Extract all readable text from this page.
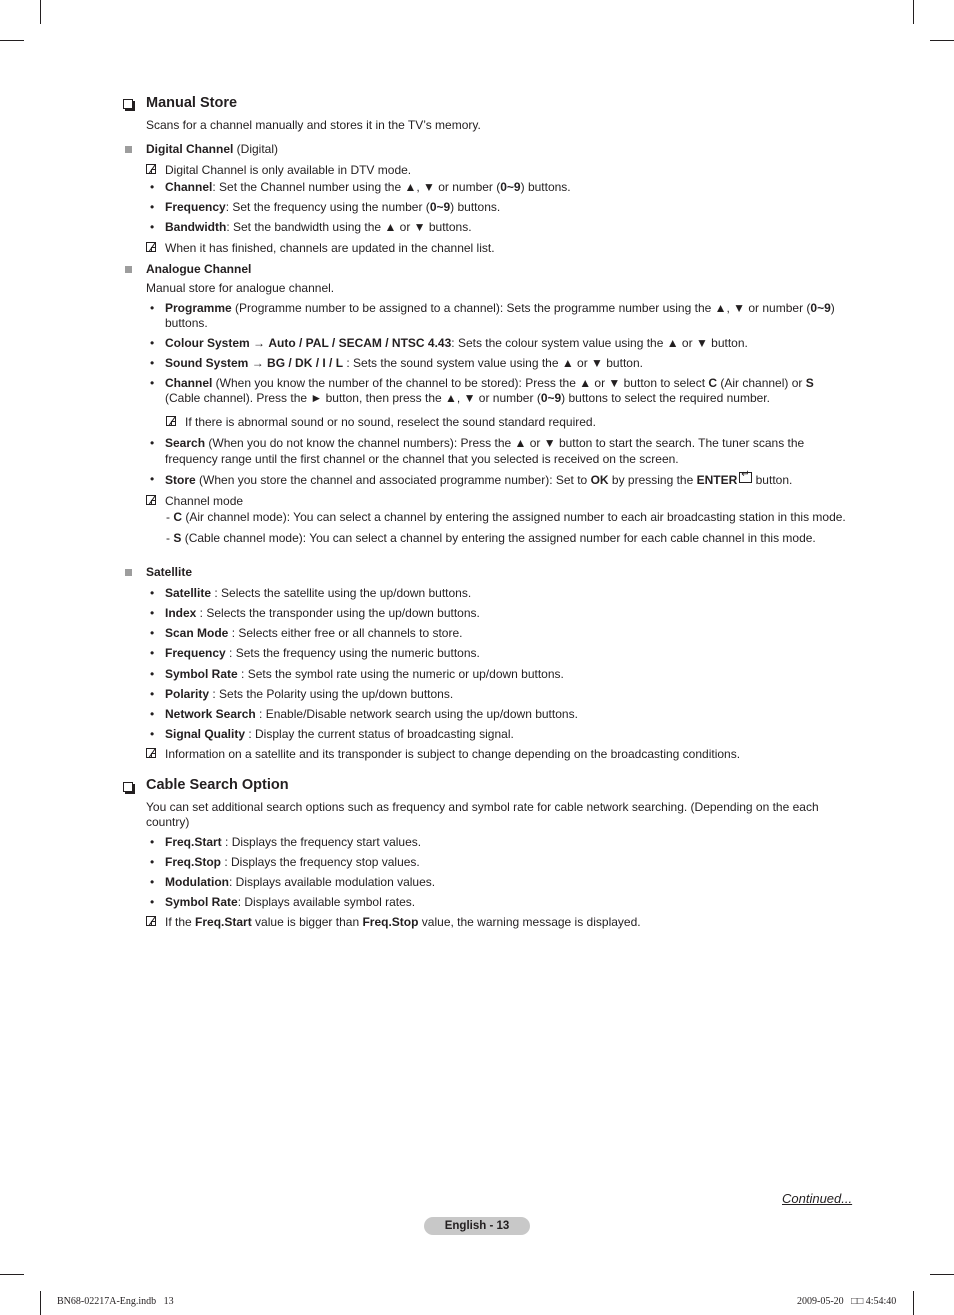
Manual Store
Scans for a channel manually and stores it in the TV’s memory.
Digital Channel (Digital)
Digital Channel is only available in DTV mode.
• Channel: Set the Channel number using the ▲, ▼ or number (0~9) buttons.
• Frequency: Set the frequency using the number (0~9) buttons.
• Bandwidth: Set the bandwidth using the ▲ or ▼ buttons.
When it has finished, channels are updated in the channel list.
Analogue Channel
Manual store for analogue channel.
• Programme (Programme number to be assigned to a channel): Sets the programme number using the ▲, ▼ or number (0~9)
buttons.
• Colour System → Auto / PAL / SECAM / NTSC 4.43: Sets the colour system value using the ▲ or ▼ button.
• Sound System → BG / DK / I / L : Sets the sound system value using the ▲ or ▼ button.
• Channel (When you know the number of the channel to be stored): Press the ▲ or ▼ button to select C (Air channel) or S
(Cable channel). Press the ► button, then press the ▲, ▼ or number (0~9) buttons to select the required number.
If there is abnormal sound or no sound, reselect the sound standard required.
• Search (When you do not know the channel numbers): Press the ▲ or ▼ button to start the search. The tuner scans the
frequency range until the first channel or the channel that you selected is received on the screen.
• Store (When you store the channel and associated programme number): Set to OK by pressing the ENTER↵ button.
Channel mode
- C (Air channel mode): You can select a channel by entering the assigned number to each air broadcasting station in this mode.
- S (Cable channel mode): You can select a channel by entering the assigned number for each cable channel in this mode.
Satellite
• Satellite : Selects the satellite using the up/down buttons.
• Index : Selects the transponder using the up/down buttons.
• Scan Mode : Selects either free or all channels to store.
• Frequency : Sets the frequency using the numeric buttons.
• Symbol Rate : Sets the symbol rate using the numeric or up/down buttons.
• Polarity : Sets the Polarity using the up/down buttons.
• Network Search : Enable/Disable network search using the up/down buttons.
• Signal Quality : Display the current status of broadcasting signal.
Information on a satellite and its transponder is subject to change depending on the broadcasting conditions.
Cable Search Option
You can set additional search options such as frequency and symbol rate for cable network searching. (Depending on the each
country)
• Freq.Start : Displays the frequency start values.
• Freq.Stop : Displays the frequency stop values.
• Modulation: Displays available modulation values.
• Symbol Rate: Displays available symbol rates.
If the Freq.Start value is bigger than Freq.Stop value, the warning message is displayed.
Continued...
English - 13
BN68-02217A-Eng.indb   13	2009-05-20   □□ 4:54:40
